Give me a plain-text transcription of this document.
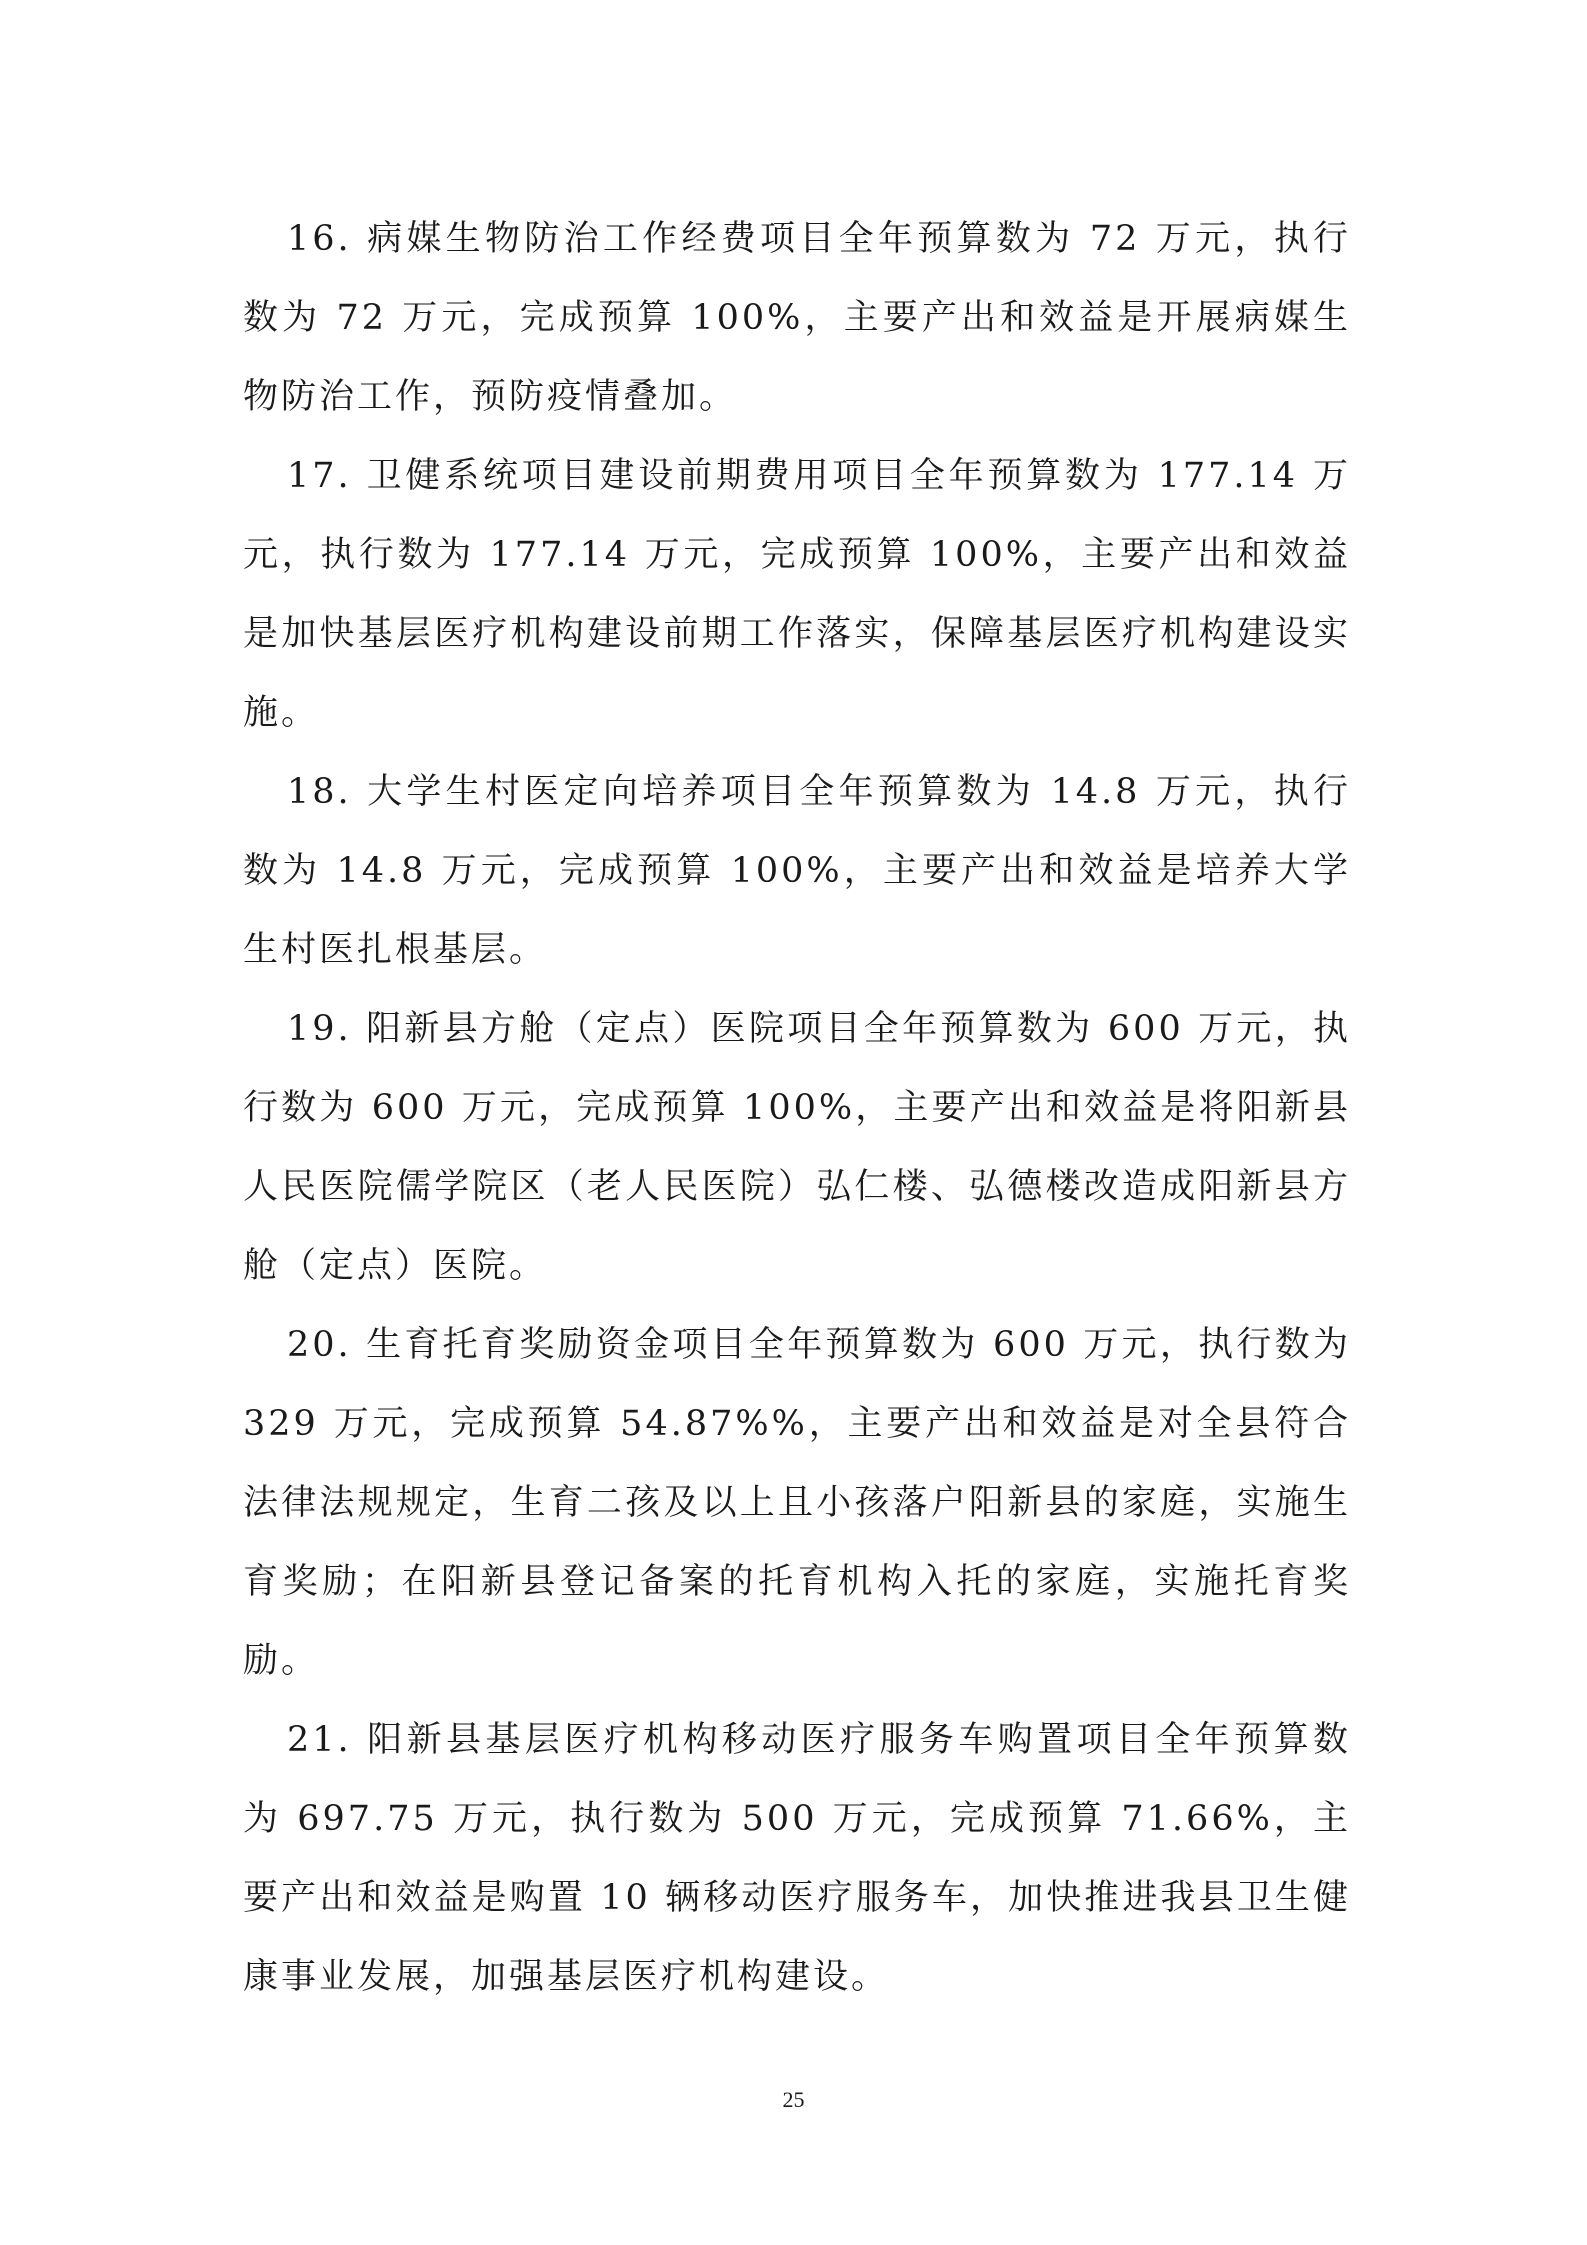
16. 病媒生物防治工作经费项目全年预算数为 72 万元，执行数为 72 万元，完成预算 100%，主要产出和效益是开展病媒生物防治工作，预防疫情叠加。

17. 卫健系统项目建设前期费用项目全年预算数为 177.14 万元，执行数为 177.14 万元，完成预算 100%，主要产出和效益是加快基层医疗机构建设前期工作落实，保障基层医疗机构建设实施。

18. 大学生村医定向培养项目全年预算数为 14.8 万元，执行数为 14.8 万元，完成预算 100%，主要产出和效益是培养大学生村医扎根基层。

19. 阳新县方舱（定点）医院项目全年预算数为 600 万元，执行数为 600 万元，完成预算 100%，主要产出和效益是将阳新县人民医院儒学院区（老人民医院）弘仁楼、弘德楼改造成阳新县方舱（定点）医院。

20. 生育托育奖励资金项目全年预算数为 600 万元，执行数为 329 万元，完成预算 54.87%%，主要产出和效益是对全县符合法律法规规定，生育二孩及以上且小孩落户阳新县的家庭，实施生育奖励；在阳新县登记备案的托育机构入托的家庭，实施托育奖励。

21. 阳新县基层医疗机构移动医疗服务车购置项目全年预算数为 697.75 万元，执行数为 500 万元，完成预算 71.66%，主要产出和效益是购置 10 辆移动医疗服务车，加快推进我县卫生健康事业发展，加强基层医疗机构建设。

25
